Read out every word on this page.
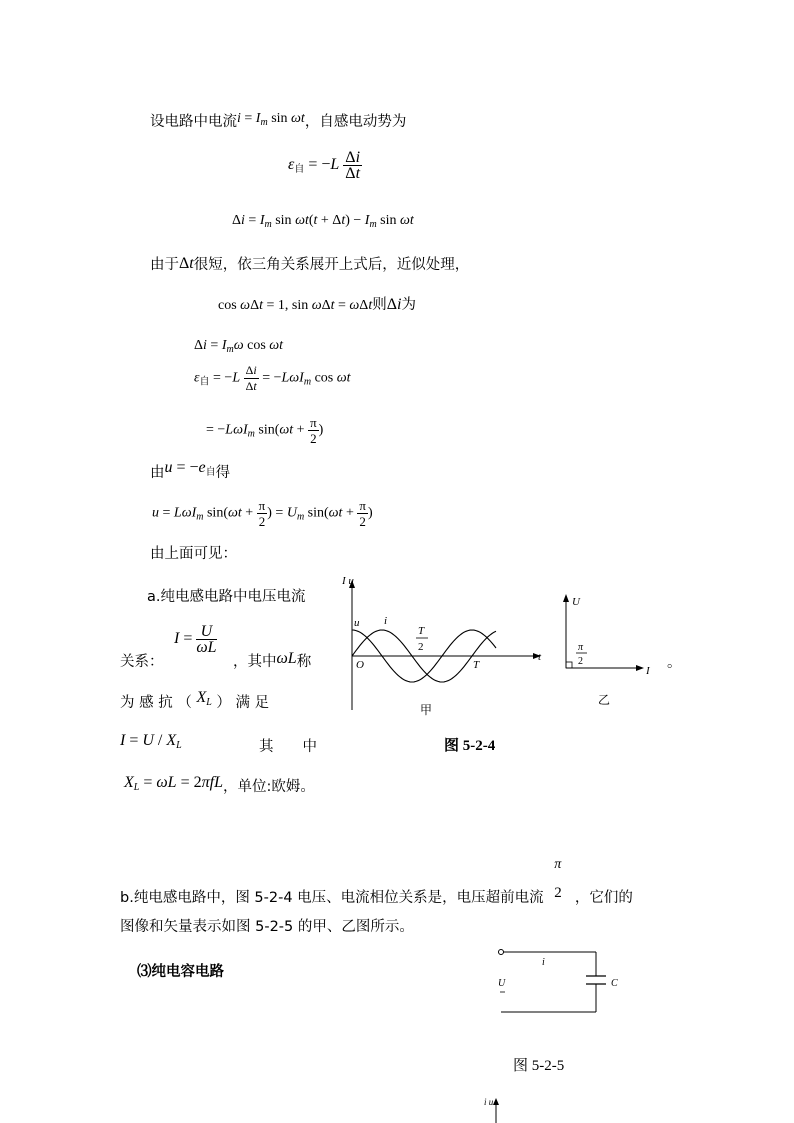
设电路中电流$i = I_m$ sin ωt，自感电动势为
ε自 = $-L \frac{\Delta i}{\Delta t}$
$\Delta i = I_m$ $\sin \omega t(t + \Delta t) - I_m$ sin ωt
由于Δt很短，依三角关系展开上式后，近似处理，
cos ωΔt = 1, sin ωΔt = ωΔt则Δi为
$\Delta i = I_m\omega$ cos ωt
$\varepsilon_自 = -L \frac{\Delta i}{\Delta t} = -L\omega I_m$ cos ωt
= −LωI$_m$ $\sin(\omega t + \frac{\pi}{2}$ )
由u = −e自得
u = LωI$_m$ $\sin(\omega t + \frac{\pi}{2}$ ) = $U_m$ $\sin(\omega t + \frac{\pi}{2}$ )
由上面可见：
a.纯电感电路中电压电流
关系：
$I = \frac{U}{\omega L}$
，其中ωL称
为 感 抗 （ $X_L$ ） 满 足
$I = U / X_L$	其　　中
$X_L = \omega L = 2\pi fL$，单位:欧姆。
I u
t
O	T
T
2
u i
甲
U
I
π
2	。
乙
图 5-2-4
b.纯电感电路中，图 5-2-4 电压、电流相位关系是，电压超前电流
π
2 ，它们的
图像和矢量表示如图 5-2-5 的甲、乙图所示。
⑶纯电容电路
i
U	C
图 5-2-5
i u
